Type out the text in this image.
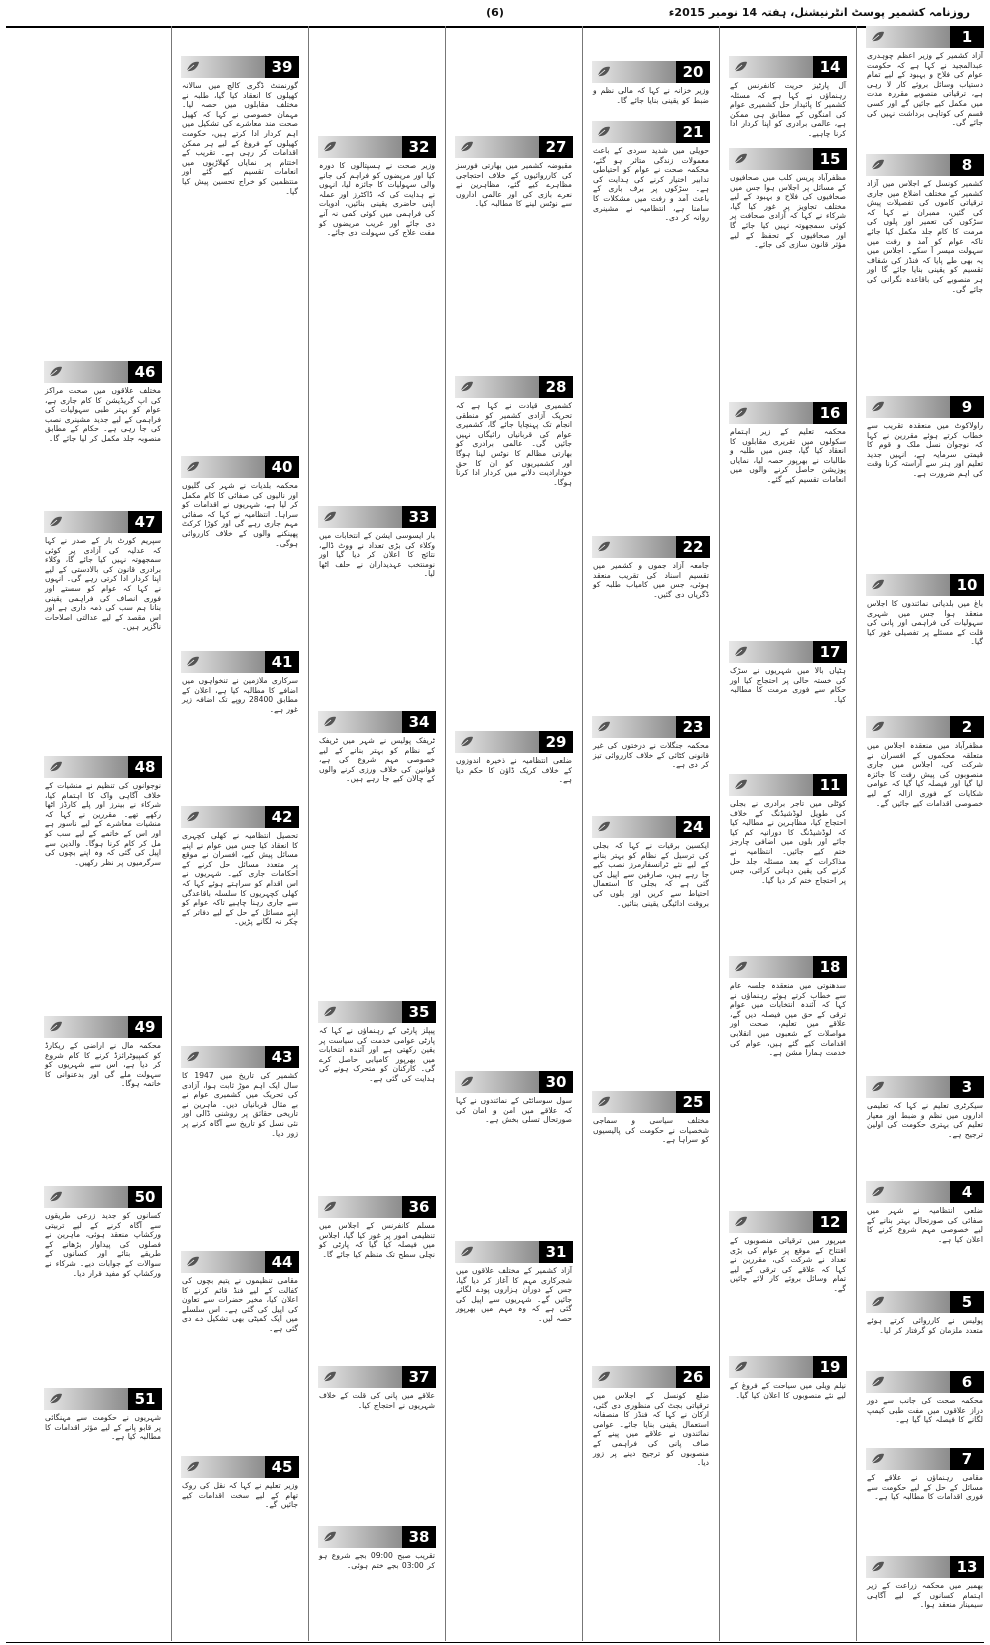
روزنامہ کشمیر پوسٹ انٹرنیشنل، ہفتہ 14 نومبر 2015ء
(6)
1
آزاد کشمیر کے وزیر اعظم چوہدری عبدالمجید نے کہا ہے کہ حکومت عوام کی فلاح و بہبود کے لیے تمام دستیاب وسائل بروئے کار لا رہی ہے، ترقیاتی منصوبے مقررہ مدت میں مکمل کیے جائیں گے اور کسی قسم کی کوتاہی برداشت نہیں کی جائے گی۔
8
کشمیر کونسل کے اجلاس میں آزاد کشمیر کے مختلف اضلاع میں جاری ترقیاتی کاموں کی تفصیلات پیش کی گئیں، ممبران نے کہا کہ سڑکوں کی تعمیر اور پلوں کی مرمت کا کام جلد مکمل کیا جائے تاکہ عوام کو آمد و رفت میں سہولت میسر آ سکے۔ اجلاس میں یہ بھی طے پایا کہ فنڈز کی شفاف تقسیم کو یقینی بنایا جائے گا اور ہر منصوبے کی باقاعدہ نگرانی کی جائے گی۔
9
راولاکوٹ میں منعقدہ تقریب سے خطاب کرتے ہوئے مقررین نے کہا کہ نوجوان نسل ملک و قوم کا قیمتی سرمایہ ہے، انہیں جدید تعلیم اور ہنر سے آراستہ کرنا وقت کی اہم ضرورت ہے۔
10
باغ میں بلدیاتی نمائندوں کا اجلاس منعقد ہوا جس میں شہری سہولیات کی فراہمی اور پانی کی قلت کے مسئلے پر تفصیلی غور کیا گیا۔
2
مظفرآباد میں منعقدہ اجلاس میں متعلقہ محکموں کے افسران نے شرکت کی، اجلاس میں جاری منصوبوں کی پیش رفت کا جائزہ لیا گیا اور فیصلہ کیا گیا کہ عوامی شکایات کے فوری ازالہ کے لیے خصوصی اقدامات کیے جائیں گے۔
3
سیکرٹری تعلیم نے کہا کہ تعلیمی اداروں میں نظم و ضبط اور معیار تعلیم کی بہتری حکومت کی اولین ترجیح ہے۔
4
ضلعی انتظامیہ نے شہر میں صفائی کی صورتحال بہتر بنانے کے لیے خصوصی مہم شروع کرنے کا اعلان کیا ہے۔
5
پولیس نے کارروائی کرتے ہوئے متعدد ملزمان کو گرفتار کر لیا۔
6
محکمہ صحت کی جانب سے دور دراز علاقوں میں مفت طبی کیمپ لگانے کا فیصلہ کیا گیا ہے۔
7
مقامی رہنماؤں نے علاقے کے مسائل کے حل کے لیے حکومت سے فوری اقدامات کا مطالبہ کیا ہے۔
13
بھمبر میں محکمہ زراعت کے زیر اہتمام کسانوں کے لیے آگاہی سیمینار منعقد ہوا۔
14
آل پارٹیز حریت کانفرنس کے رہنماؤں نے کہا ہے کہ مسئلہ کشمیر کا پائیدار حل کشمیری عوام کی امنگوں کے مطابق ہی ممکن ہے، عالمی برادری کو اپنا کردار ادا کرنا چاہیے۔
15
مظفرآباد پریس کلب میں صحافیوں کے مسائل پر اجلاس ہوا جس میں صحافیوں کی فلاح و بہبود کے لیے مختلف تجاویز پر غور کیا گیا، شرکاء نے کہا کہ آزادی صحافت پر کوئی سمجھوتہ نہیں کیا جائے گا اور صحافیوں کے تحفظ کے لیے مؤثر قانون سازی کی جائے۔
16
محکمہ تعلیم کے زیر اہتمام سکولوں میں تقریری مقابلوں کا انعقاد کیا گیا، جس میں طلبہ و طالبات نے بھرپور حصہ لیا، نمایاں پوزیشن حاصل کرنے والوں میں انعامات تقسیم کیے گئے۔
17
ہٹیاں بالا میں شہریوں نے سڑک کی خستہ حالی پر احتجاج کیا اور حکام سے فوری مرمت کا مطالبہ کیا۔
11
کوٹلی میں تاجر برادری نے بجلی کی طویل لوڈشیڈنگ کے خلاف احتجاج کیا، مظاہرین نے مطالبہ کیا کہ لوڈشیڈنگ کا دورانیہ کم کیا جائے اور بلوں میں اضافی چارجز ختم کیے جائیں۔ انتظامیہ نے مذاکرات کے بعد مسئلہ جلد حل کرنے کی یقین دہانی کرائی، جس پر احتجاج ختم کر دیا گیا۔
18
سدھنوتی میں منعقدہ جلسہ عام سے خطاب کرتے ہوئے رہنماؤں نے کہا کہ آئندہ انتخابات میں عوام ترقی کے حق میں فیصلہ دیں گے، علاقے میں تعلیم، صحت اور مواصلات کے شعبوں میں انقلابی اقدامات کیے گئے ہیں، عوام کی خدمت ہمارا مشن ہے۔
12
میرپور میں ترقیاتی منصوبوں کے افتتاح کے موقع پر عوام کی بڑی تعداد نے شرکت کی، مقررین نے کہا کہ علاقے کی ترقی کے لیے تمام وسائل بروئے کار لائے جائیں گے۔
19
نیلم ویلی میں سیاحت کے فروغ کے لیے نئے منصوبوں کا اعلان کیا گیا۔
20
وزیر خزانہ نے کہا کہ مالی نظم و ضبط کو یقینی بنایا جائے گا۔
21
حویلی میں شدید سردی کے باعث معمولات زندگی متاثر ہو گئے، محکمہ صحت نے عوام کو احتیاطی تدابیر اختیار کرنے کی ہدایت کی ہے۔ سڑکوں پر برف باری کے باعث آمد و رفت میں مشکلات کا سامنا ہے، انتظامیہ نے مشینری روانہ کر دی۔
22
جامعہ آزاد جموں و کشمیر میں تقسیم اسناد کی تقریب منعقد ہوئی، جس میں کامیاب طلبہ کو ڈگریاں دی گئیں۔
23
محکمہ جنگلات نے درختوں کی غیر قانونی کٹائی کے خلاف کارروائی تیز کر دی ہے۔
24
ایکسین برقیات نے کہا کہ بجلی کی ترسیل کے نظام کو بہتر بنانے کے لیے نئے ٹرانسفارمرز نصب کیے جا رہے ہیں، صارفین سے اپیل کی گئی ہے کہ بجلی کا استعمال احتیاط سے کریں اور بلوں کی بروقت ادائیگی یقینی بنائیں۔
25
مختلف سیاسی و سماجی شخصیات نے حکومت کی پالیسیوں کو سراہا ہے۔
26
ضلع کونسل کے اجلاس میں ترقیاتی بجٹ کی منظوری دی گئی، ارکان نے کہا کہ فنڈز کا منصفانہ استعمال یقینی بنایا جائے۔ عوامی نمائندوں نے علاقے میں پینے کے صاف پانی کی فراہمی کے منصوبوں کو ترجیح دینے پر زور دیا۔
27
مقبوضہ کشمیر میں بھارتی فورسز کی کارروائیوں کے خلاف احتجاجی مظاہرے کیے گئے، مظاہرین نے نعرے بازی کی اور عالمی اداروں سے نوٹس لینے کا مطالبہ کیا۔
28
کشمیری قیادت نے کہا ہے کہ تحریک آزادی کشمیر کو منطقی انجام تک پہنچایا جائے گا، کشمیری عوام کی قربانیاں رائیگاں نہیں جائیں گی۔ عالمی برادری کو بھارتی مظالم کا نوٹس لینا ہوگا اور کشمیریوں کو ان کا حق خودارادیت دلانے میں کردار ادا کرنا ہوگا۔
29
ضلعی انتظامیہ نے ذخیرہ اندوزوں کے خلاف کریک ڈاؤن کا حکم دیا ہے۔
30
سول سوسائٹی کے نمائندوں نے کہا کہ علاقے میں امن و امان کی صورتحال تسلی بخش ہے۔
31
آزاد کشمیر کے مختلف علاقوں میں شجرکاری مہم کا آغاز کر دیا گیا، جس کے دوران ہزاروں پودے لگائے جائیں گے۔ شہریوں سے اپیل کی گئی ہے کہ وہ مہم میں بھرپور حصہ لیں۔
32
وزیر صحت نے ہسپتالوں کا دورہ کیا اور مریضوں کو فراہم کی جانے والی سہولیات کا جائزہ لیا، انہوں نے ہدایت کی کہ ڈاکٹرز اور عملہ اپنی حاضری یقینی بنائیں، ادویات کی فراہمی میں کوئی کمی نہ آنے دی جائے اور غریب مریضوں کو مفت علاج کی سہولت دی جائے۔
33
بار ایسوسی ایشن کے انتخابات میں وکلاء کی بڑی تعداد نے ووٹ ڈالے، نتائج کا اعلان کر دیا گیا اور نومنتخب عہدیداران نے حلف اٹھا لیا۔
34
ٹریفک پولیس نے شہر میں ٹریفک کے نظام کو بہتر بنانے کے لیے خصوصی مہم شروع کی ہے، قوانین کی خلاف ورزی کرنے والوں کے چالان کیے جا رہے ہیں۔
35
پیپلز پارٹی کے رہنماؤں نے کہا کہ پارٹی عوامی خدمت کی سیاست پر یقین رکھتی ہے اور آئندہ انتخابات میں بھرپور کامیابی حاصل کرے گی۔ کارکنان کو متحرک ہونے کی ہدایت کی گئی ہے۔
36
مسلم کانفرنس کے اجلاس میں تنظیمی امور پر غور کیا گیا، اجلاس میں فیصلہ کیا گیا کہ پارٹی کو نچلی سطح تک منظم کیا جائے گا۔
37
علاقے میں پانی کی قلت کے خلاف شہریوں نے احتجاج کیا۔
38
تقریب صبح 09:00 بجے شروع ہو کر 03:00 بجے ختم ہوئی۔
39
گورنمنٹ ڈگری کالج میں سالانہ کھیلوں کا انعقاد کیا گیا، طلبہ نے مختلف مقابلوں میں حصہ لیا۔ مہمان خصوصی نے کہا کہ کھیل صحت مند معاشرے کی تشکیل میں اہم کردار ادا کرتے ہیں، حکومت کھیلوں کے فروغ کے لیے ہر ممکن اقدامات کر رہی ہے۔ تقریب کے اختتام پر نمایاں کھلاڑیوں میں انعامات تقسیم کیے گئے اور منتظمین کو خراج تحسین پیش کیا گیا۔
40
محکمہ بلدیات نے شہر کی گلیوں اور نالیوں کی صفائی کا کام مکمل کر لیا ہے، شہریوں نے اقدامات کو سراہا۔ انتظامیہ نے کہا کہ صفائی مہم جاری رہے گی اور کوڑا کرکٹ پھینکنے والوں کے خلاف کارروائی ہوگی۔
41
سرکاری ملازمین نے تنخواہوں میں اضافے کا مطالبہ کیا ہے، اعلان کے مطابق 28400 روپے تک اضافہ زیر غور ہے۔
42
تحصیل انتظامیہ نے کھلی کچہری کا انعقاد کیا جس میں عوام نے اپنے مسائل پیش کیے، افسران نے موقع پر متعدد مسائل حل کرنے کے احکامات جاری کیے۔ شہریوں نے اس اقدام کو سراہتے ہوئے کہا کہ کھلی کچہریوں کا سلسلہ باقاعدگی سے جاری رہنا چاہیے تاکہ عوام کو اپنے مسائل کے حل کے لیے دفاتر کے چکر نہ لگانے پڑیں۔
43
کشمیر کی تاریخ میں 1947 کا سال ایک اہم موڑ ثابت ہوا، آزادی کی تحریک میں کشمیری عوام نے بے مثال قربانیاں دیں۔ ماہرین نے تاریخی حقائق پر روشنی ڈالی اور نئی نسل کو تاریخ سے آگاہ کرنے پر زور دیا۔
44
مقامی تنظیموں نے یتیم بچوں کی کفالت کے لیے فنڈ قائم کرنے کا اعلان کیا، مخیر حضرات سے تعاون کی اپیل کی گئی ہے۔ اس سلسلے میں ایک کمیٹی بھی تشکیل دے دی گئی ہے۔
45
وزیر تعلیم نے کہا کہ نقل کی روک تھام کے لیے سخت اقدامات کیے جائیں گے۔
46
مختلف علاقوں میں صحت مراکز کی اپ گریڈیشن کا کام جاری ہے، عوام کو بہتر طبی سہولیات کی فراہمی کے لیے جدید مشینری نصب کی جا رہی ہے۔ حکام کے مطابق منصوبہ جلد مکمل کر لیا جائے گا۔
47
سپریم کورٹ بار کے صدر نے کہا کہ عدلیہ کی آزادی پر کوئی سمجھوتہ نہیں کیا جائے گا، وکلاء برادری قانون کی بالادستی کے لیے اپنا کردار ادا کرتی رہے گی۔ انہوں نے کہا کہ عوام کو سستے اور فوری انصاف کی فراہمی یقینی بنانا ہم سب کی ذمہ داری ہے اور اس مقصد کے لیے عدالتی اصلاحات ناگزیر ہیں۔
48
نوجوانوں کی تنظیم نے منشیات کے خلاف آگاہی واک کا اہتمام کیا، شرکاء نے بینرز اور پلے کارڈز اٹھا رکھے تھے۔ مقررین نے کہا کہ منشیات معاشرے کے لیے ناسور ہے اور اس کے خاتمے کے لیے سب کو مل کر کام کرنا ہوگا۔ والدین سے اپیل کی گئی کہ وہ اپنے بچوں کی سرگرمیوں پر نظر رکھیں۔
49
محکمہ مال نے اراضی کے ریکارڈ کو کمپیوٹرائزڈ کرنے کا کام شروع کر دیا ہے، اس سے شہریوں کو سہولت ملے گی اور بدعنوانی کا خاتمہ ہوگا۔
50
کسانوں کو جدید زرعی طریقوں سے آگاہ کرنے کے لیے تربیتی ورکشاپ منعقد ہوئی، ماہرین نے فصلوں کی پیداوار بڑھانے کے طریقے بتائے اور کسانوں کے سوالات کے جوابات دیے۔ شرکاء نے ورکشاپ کو مفید قرار دیا۔
51
شہریوں نے حکومت سے مہنگائی پر قابو پانے کے لیے مؤثر اقدامات کا مطالبہ کیا ہے۔
